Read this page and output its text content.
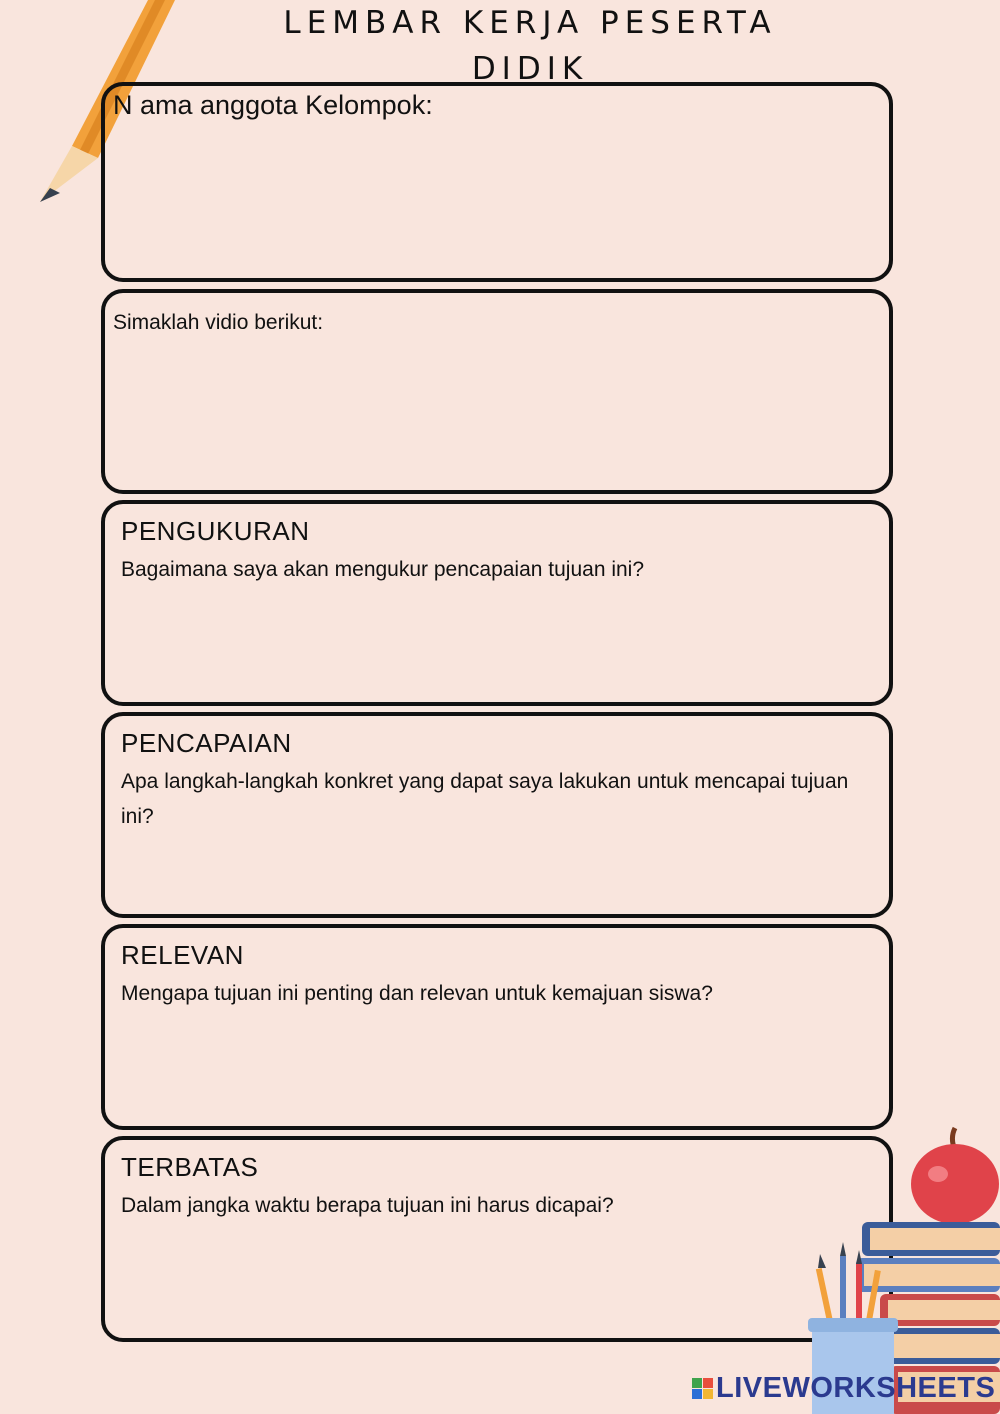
LEMBAR KERJA PESERTA
DIDIK
N ama anggota Kelompok:
Simaklah vidio berikut:
PENGUKURAN
Bagaimana saya akan mengukur pencapaian tujuan ini?
PENCAPAIAN
Apa langkah-langkah konkret yang dapat saya lakukan untuk mencapai tujuan ini?
RELEVAN
Mengapa tujuan ini penting dan relevan untuk kemajuan siswa?
TERBATAS
Dalam jangka waktu berapa tujuan ini harus dicapai?
LIVEWORKSHEETS
